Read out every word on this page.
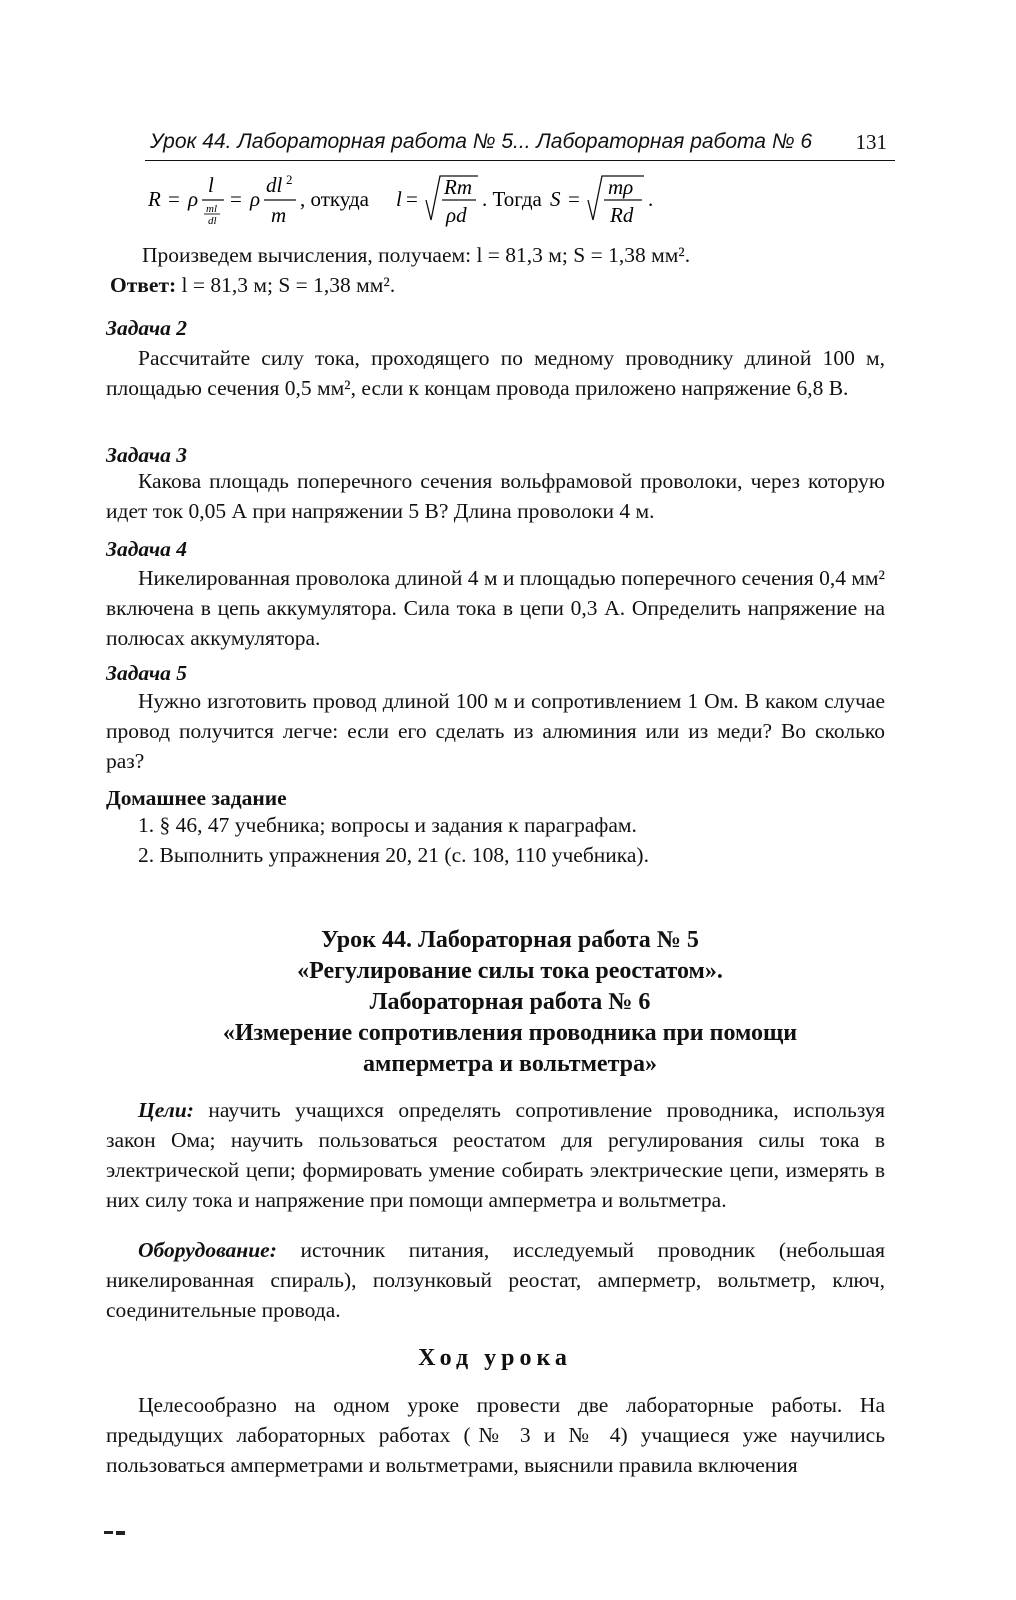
Урок 44. Лабораторная работа № 5... Лабораторная работа № 6 131
R = ρ
l
ml
dl
= ρ
dl 2
m
, откуда l = Rm
ρd
. Тогда S = mρ
Rd
.

Произведем вычисления, получаем: l = 81,3 м; S = 1,38 мм².

Ответ: l = 81,3 м; S = 1,38 мм².

Задача 2

Рассчитайте силу тока, проходящего по медному проводнику длиной 100 м, площадью сечения 0,5 мм², если к концам провода приложено напряжение 6,8 В.

Задача 3

Какова площадь поперечного сечения вольфрамовой проволоки, через которую идет ток 0,05 А при напряжении 5 В? Длина проволоки 4 м.

Задача 4

Никелированная проволока длиной 4 м и площадью поперечного сечения 0,4 мм² включена в цепь аккумулятора. Сила тока в цепи 0,3 А. Определить напряжение на полюсах аккумулятора.

Задача 5

Нужно изготовить провод длиной 100 м и сопротивлением 1 Ом. В каком случае провод получится легче: если его сделать из алюминия или из меди? Во сколько раз?

Домашнее задание

1. § 46, 47 учебника; вопросы и задания к параграфам.

2. Выполнить упражнения 20, 21 (с. 108, 110 учебника).

Урок 44. Лабораторная работа № 5
«Регулирование силы тока реостатом».
Лабораторная работа № 6
«Измерение сопротивления проводника при помощи
амперметра и вольтметра»

Цели: научить учащихся определять сопротивление проводника, используя закон Ома; научить пользоваться реостатом для регулирования силы тока в электрической цепи; формировать умение собирать электрические цепи, измерять в них силу тока и напряжение при помощи амперметра и вольтметра.

Оборудование: источник питания, исследуемый проводник (небольшая никелированная спираль), ползунковый реостат, амперметр, вольтметр, ключ, соединительные провода.

Ход урока

Целесообразно на одном уроке провести две лабораторные работы. На предыдущих лабораторных работах (№ 3 и № 4) учащиеся уже научились пользоваться амперметрами и вольтметрами, выяснили правила включения
